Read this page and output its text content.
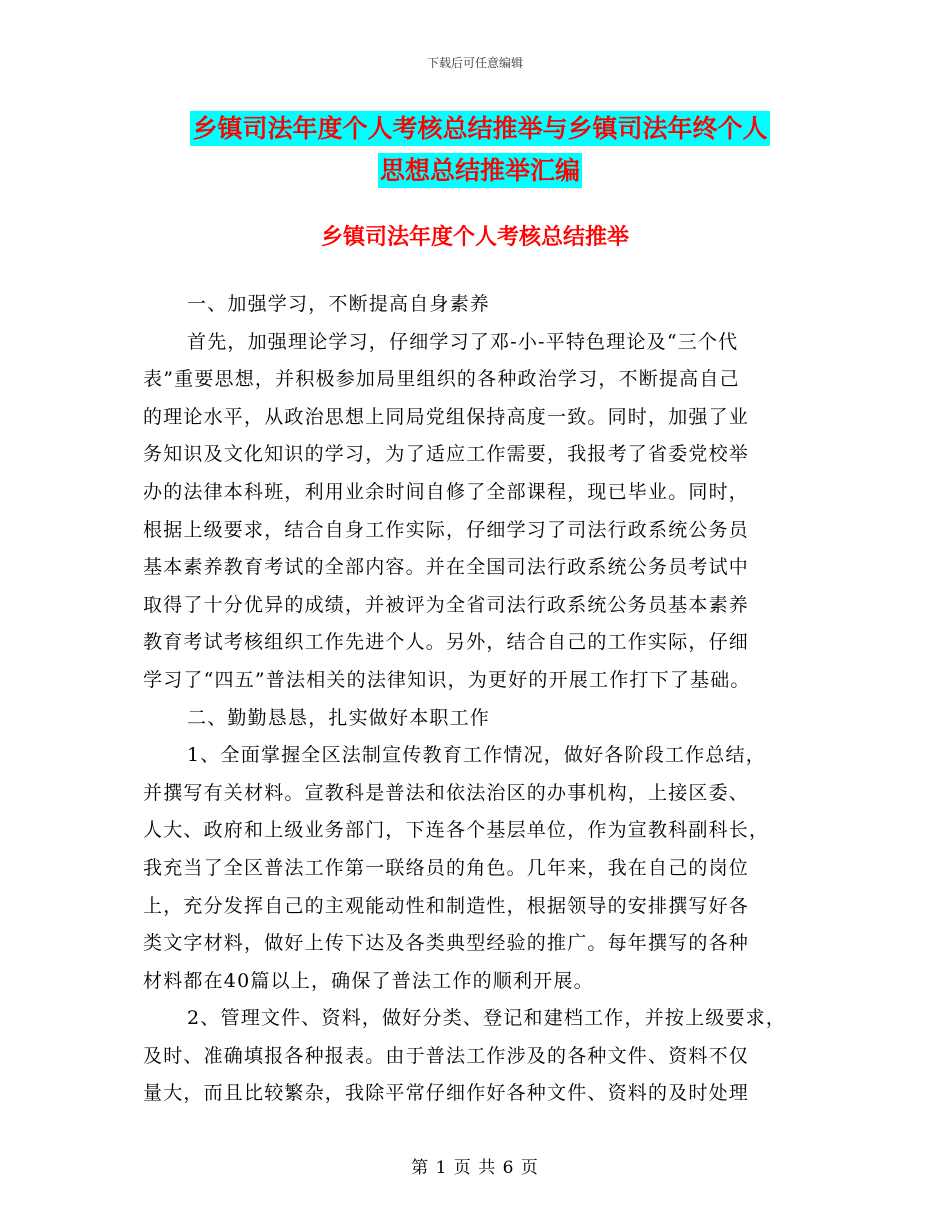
下载后可任意编辑
乡镇司法年度个人考核总结推举与乡镇司法年终个人
思想总结推举汇编
乡镇司法年度个人考核总结推举
一、加强学习，不断提高自身素养
首先，加强理论学习，仔细学习了邓-小-平特色理论及“三个代
表”重要思想，并积极参加局里组织的各种政治学习，不断提高自己
的理论水平，从政治思想上同局党组保持高度一致。同时，加强了业
务知识及文化知识的学习，为了适应工作需要，我报考了省委党校举
办的法律本科班，利用业余时间自修了全部课程，现已毕业。同时，
根据上级要求，结合自身工作实际，仔细学习了司法行政系统公务员
基本素养教育考试的全部内容。并在全国司法行政系统公务员考试中
取得了十分优异的成绩，并被评为全省司法行政系统公务员基本素养
教育考试考核组织工作先进个人。另外，结合自己的工作实际，仔细
学习了“四五”普法相关的法律知识，为更好的开展工作打下了基础。
二、勤勤恳恳，扎实做好本职工作
1、全面掌握全区法制宣传教育工作情况，做好各阶段工作总结，
并撰写有关材料。宣教科是普法和依法治区的办事机构，上接区委、
人大、政府和上级业务部门，下连各个基层单位，作为宣教科副科长，
我充当了全区普法工作第一联络员的角色。几年来，我在自己的岗位
上，充分发挥自己的主观能动性和制造性，根据领导的安排撰写好各
类文字材料，做好上传下达及各类典型经验的推广。每年撰写的各种
材料都在40篇以上，确保了普法工作的顺利开展。
2、管理文件、资料，做好分类、登记和建档工作，并按上级要求，
及时、准确填报各种报表。由于普法工作涉及的各种文件、资料不仅
量大，而且比较繁杂，我除平常仔细作好各种文件、资料的及时处理
第 1 页 共 6 页
